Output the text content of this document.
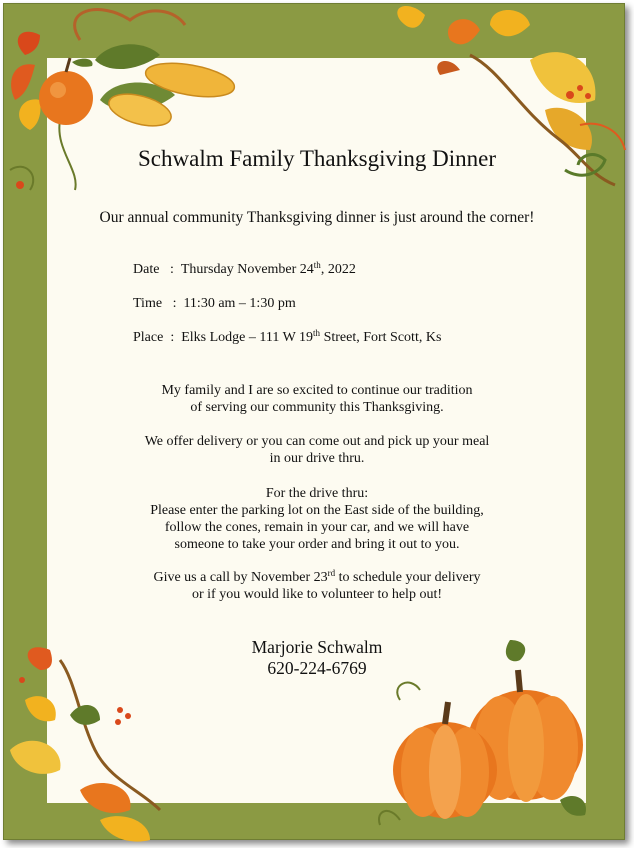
Schwalm Family Thanksgiving Dinner
Our annual community Thanksgiving dinner is just around the corner!
Date : Thursday November 24th, 2022
Time : 11:30 am – 1:30 pm
Place : Elks Lodge – 111 W 19th Street, Fort Scott, Ks
My family and I are so excited to continue our tradition
of serving our community this Thanksgiving.
We offer delivery or you can come out and pick up your meal
in our drive thru.
For the drive thru:
Please enter the parking lot on the East side of the building,
follow the cones, remain in your car, and we will have
someone to take your order and bring it out to you.
Give us a call by November 23rd to schedule your delivery
or if you would like to volunteer to help out!
Marjorie Schwalm
620-224-6769
